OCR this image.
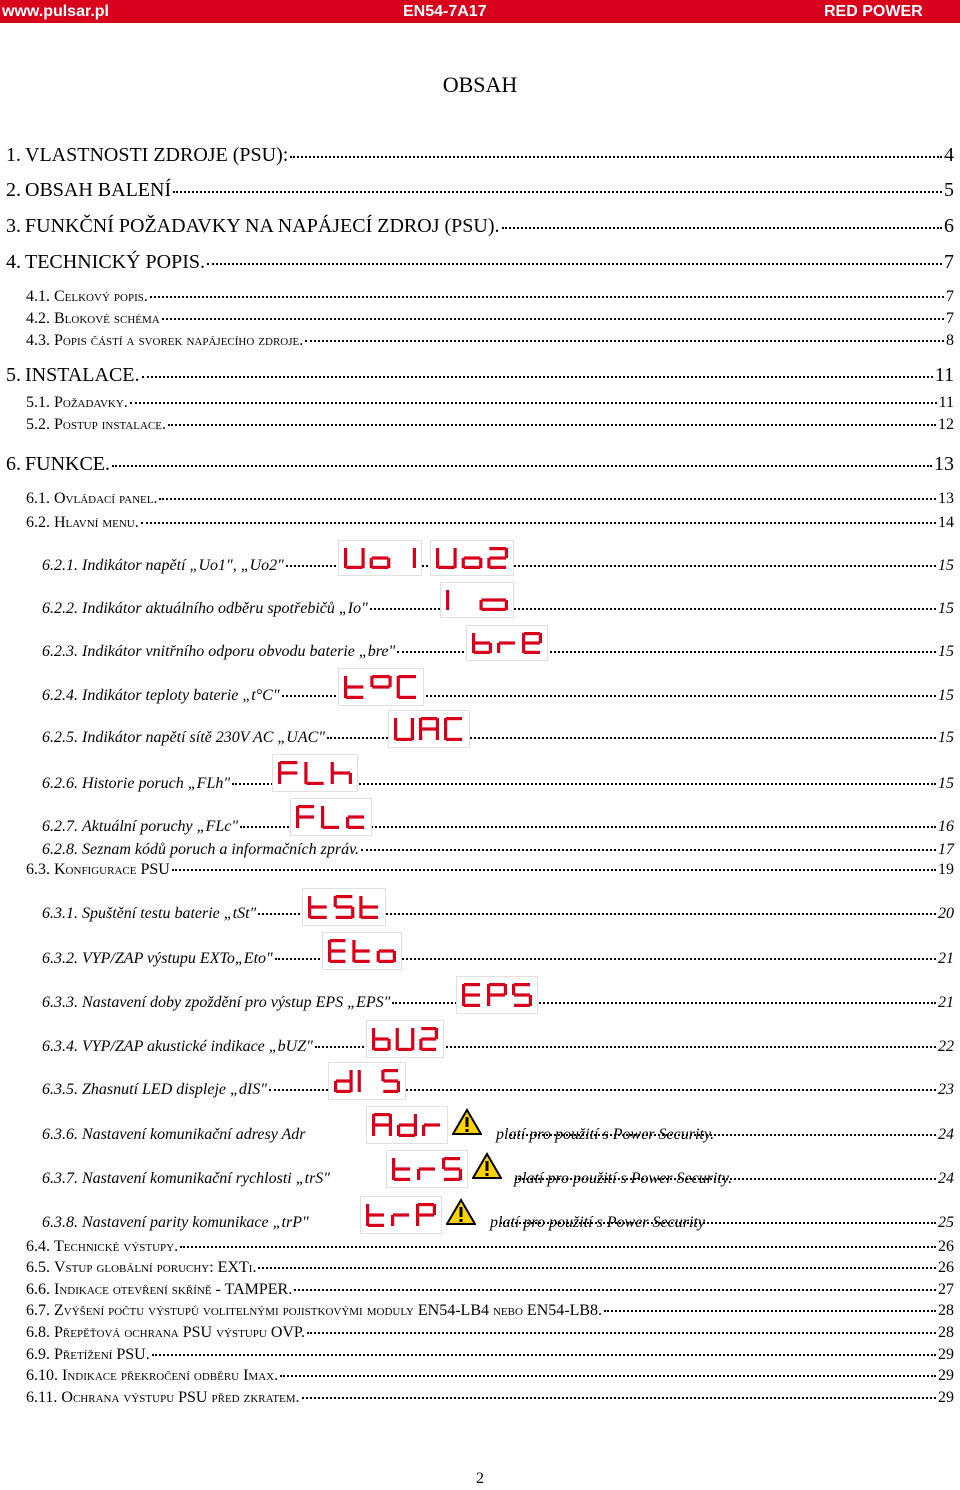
www.pulsar.pl	EN54-7A17	RED POWER
OBSAH
1. VLASTNOSTI ZDROJE (PSU):	4
2. OBSAH BALENÍ	5
3. FUNKČNÍ POŽADAVKY NA NAPÁJECÍ ZDROJ (PSU).	6
4. TECHNICKÝ POPIS.	7
4.1. Celkový popis.	7
4.2. Blokové schéma	7
4.3. Popis částí a svorek napájecího zdroje.	8
5. INSTALACE.	11
5.1. Požadavky.	11
5.2. Postup instalace.	12
6. FUNKCE.	13
6.1. Ovládací panel.	13
6.2. Hlavní menu.	14
6.2.1. Indikátor napětí „Uo1", „Uo2"	15
6.2.2. Indikátor aktuálního odběru spotřebičů „Io"	15
6.2.3. Indikátor vnitřního odporu obvodu baterie „bre"	15
6.2.4. Indikátor teploty baterie „t°C"	15
6.2.5. Indikátor napětí sítě 230V AC „UAC"	15
6.2.6. Historie poruch „FLh"	15
6.2.7. Aktuální poruchy „FLc"	16
6.2.8. Seznam kódů poruch a informačních zpráv.	17
6.3. Konfigurace PSU	19
6.3.1. Spuštění testu baterie „tSt"	20
6.3.2. VYP/ZAP výstupu EXTo„Eto"	21
6.3.3. Nastavení doby zpoždění pro výstup EPS „EPS"	21
6.3.4. VYP/ZAP akustické indikace „bUZ"	22
6.3.5. Zhasnutí LED displeje „dIS"	23
6.3.6. Nastavení komunikační adresy Adr	platí pro použití s Power Security.	24
6.3.7. Nastavení komunikační rychlosti „trS"	platí pro použití s Power Security.	24
6.3.8. Nastavení parity komunikace „trP"	platí pro použití s Power Security	25
6.4. Technické výstupy.	26
6.5. Vstup globální poruchy: EXTi.	26
6.6. Indikace otevření skříně - TAMPER.	27
6.7. Zvýšení počtu výstupů volitelnými pojistkovými moduly EN54-LB4 nebo EN54-LB8.	28
6.8. Přepěťová ochrana PSU výstupu OVP.	28
6.9. Přetížení PSU.	29
6.10. Indikace překročení odběru Imax.	29
6.11. Ochrana výstupu PSU před zkratem.	29
2
